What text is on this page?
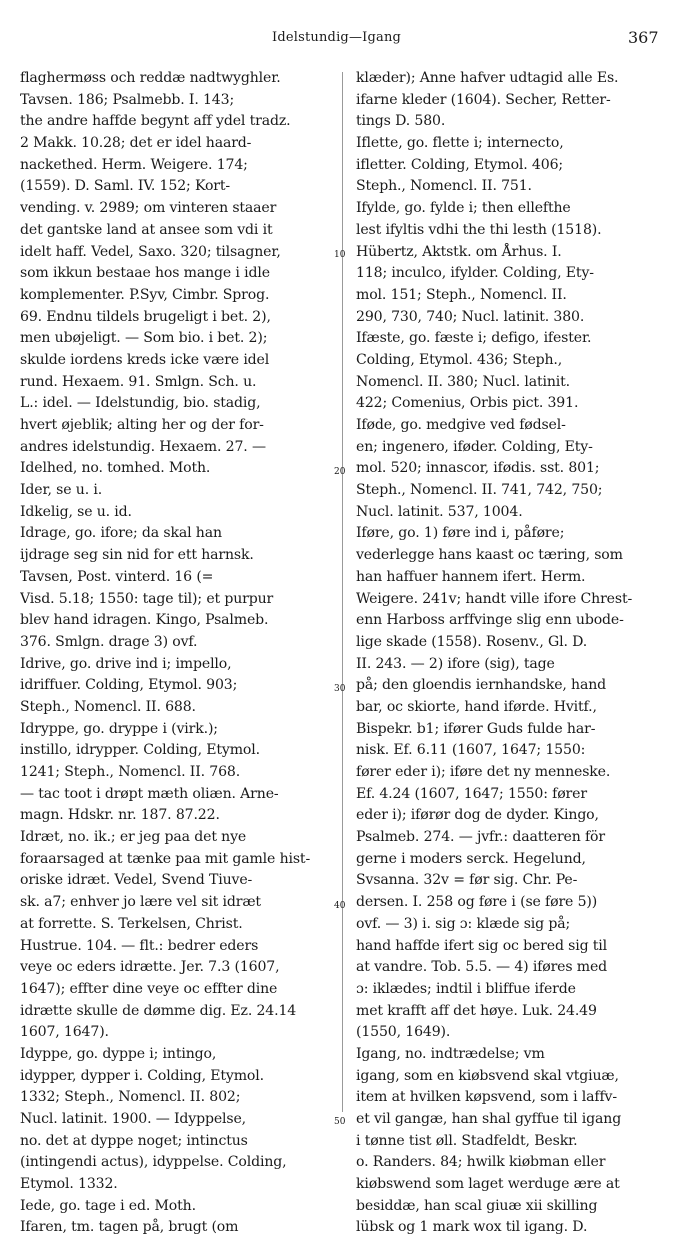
Idelstundig—Igang	367
flaghermøss och reddæ nadtwyghler.
Tavsen. 186; Psalmebb. I. 143;
the andre haffde begynt aff ydel tradz.
2 Makk. 10.28; det er idel haard-
nackethed. Herm. Weigere. 174;
(1559). D. Saml. IV. 152; Kort-
vending. v. 2989; om vinteren staaer
det gantske land at ansee som vdi it
idelt haff. Vedel, Saxo. 320; tilsagner,
som ikkun bestaae hos mange i idle
komplementer. P.Syv, Cimbr. Sprog.
69. Endnu tildels brugeligt i bet. 2),
men ubøjeligt. — Som bio. i bet. 2);
skulde iordens kreds icke være idel
rund. Hexaem. 91. Smlgn. Sch. u.
L.: idel. — Idelstundig, bio. stadig,
hvert øjeblik; alting her og der for-
andres idelstundig. Hexaem. 27. —
Idelhed, no. tomhed. Moth.
Ider, se u. i.
Idkelig, se u. id.
Idrage, go. ifore; da skal han
ijdrage seg sin nid for ett harnsk.
Tavsen, Post. vinterd. 16 (=
Visd. 5.18; 1550: tage til); et purpur
blev hand idragen. Kingo, Psalmeb.
376. Smlgn. drage 3) ovf.
Idrive, go. drive ind i; impello,
idriffuer. Colding, Etymol. 903;
Steph., Nomencl. II. 688.
Idryppe, go. dryppe i (virk.);
instillo, idrypper. Colding, Etymol.
1241; Steph., Nomencl. II. 768.
— tac toot i drøpt mæth oliæn. Arne-
magn. Hdskr. nr. 187. 87.22.
Idræt, no. ik.; er jeg paa det nye
foraarsaged at tænke paa mit gamle hist-
oriske idræt. Vedel, Svend Tiuve-
sk. a7; enhver jo lære vel sit idræt
at forrette. S. Terkelsen, Christ.
Hustrue. 104. — flt.: bedrer eders
veye oc eders idrætte. Jer. 7.3 (1607,
1647); effter dine veye oc effter dine
idrætte skulle de dømme dig. Ez. 24.14
1607, 1647).
Idyppe, go. dyppe i; intingo,
idypper, dypper i. Colding, Etymol.
1332; Steph., Nomencl. II. 802;
Nucl. latinit. 1900. — Idyppelse,
no. det at dyppe noget; intinctus
(intingendi actus), idyppelse. Colding,
Etymol. 1332.
Iede, go. tage i ed. Moth.
Ifaren, tm. tagen på, brugt (om
10
20
30
40
50
klæder); Anne hafver udtagid alle Es.
ifarne kleder (1604). Secher, Retter-
tings D. 580.
Iflette, go. flette i; internecto,
ifletter. Colding, Etymol. 406;
Steph., Nomencl. II. 751.
Ifylde, go. fylde i; then ellefthe
lest ifyltis vdhi the thi lesth (1518).
Hübertz, Aktstk. om Århus. I.
118; inculco, ifylder. Colding, Ety-
mol. 151; Steph., Nomencl. II.
290, 730, 740; Nucl. latinit. 380.
Ifæste, go. fæste i; defigo, ifester.
Colding, Etymol. 436; Steph.,
Nomencl. II. 380; Nucl. latinit.
422; Comenius, Orbis pict. 391.
Iføde, go. medgive ved fødsel-
en; ingenero, iføder. Colding, Ety-
mol. 520; innascor, ifødis. sst. 801;
Steph., Nomencl. II. 741, 742, 750;
Nucl. latinit. 537, 1004.
Iføre, go. 1) føre ind i, påføre;
vederlegge hans kaast oc tæring, som
han haffuer hannem ifert. Herm.
Weigere. 241v; handt ville ifore Chrest-
enn Harboss arffvinge slig enn ubode-
lige skade (1558). Rosenv., Gl. D.
II. 243. — 2) ifore (sig), tage
på; den gloendis iernhandske, hand
bar, oc skiorte, hand iførde. Hvitf.,
Bispekr. b1; ifører Guds fulde har-
nisk. Ef. 6.11 (1607, 1647; 1550:
fører eder i); iføre det ny menneske.
Ef. 4.24 (1607, 1647; 1550: fører
eder i); iførør dog de dyder. Kingo,
Psalmeb. 274. — jvfr.: daatteren för
gerne i moders serck. Hegelund,
Svsanna. 32v = før sig. Chr. Pe-
dersen. I. 258 og føre i (se føre 5))
ovf. — 3) i. sig ɔ: klæde sig på;
hand haffde ifert sig oc bered sig til
at vandre. Tob. 5.5. — 4) iføres med
ɔ: iklædes; indtil i bliffue iferde
met krafft aff det høye. Luk. 24.49
(1550, 1649).
Igang, no. indtrædelse; vm
igang, som en kiøbsvend skal vtgiuæ,
item at hvilken køpsvend, som i laffv-
et vil gangæ, han shal gyffue til igang
i tønne tist øll. Stadfeldt, Beskr.
o. Randers. 84; hwilk kiøbman eller
kiøbswend som laget werduge ære at
besiddæ, han scal giuæ xii skilling
lübsk og 1 mark wox til igang. D.
